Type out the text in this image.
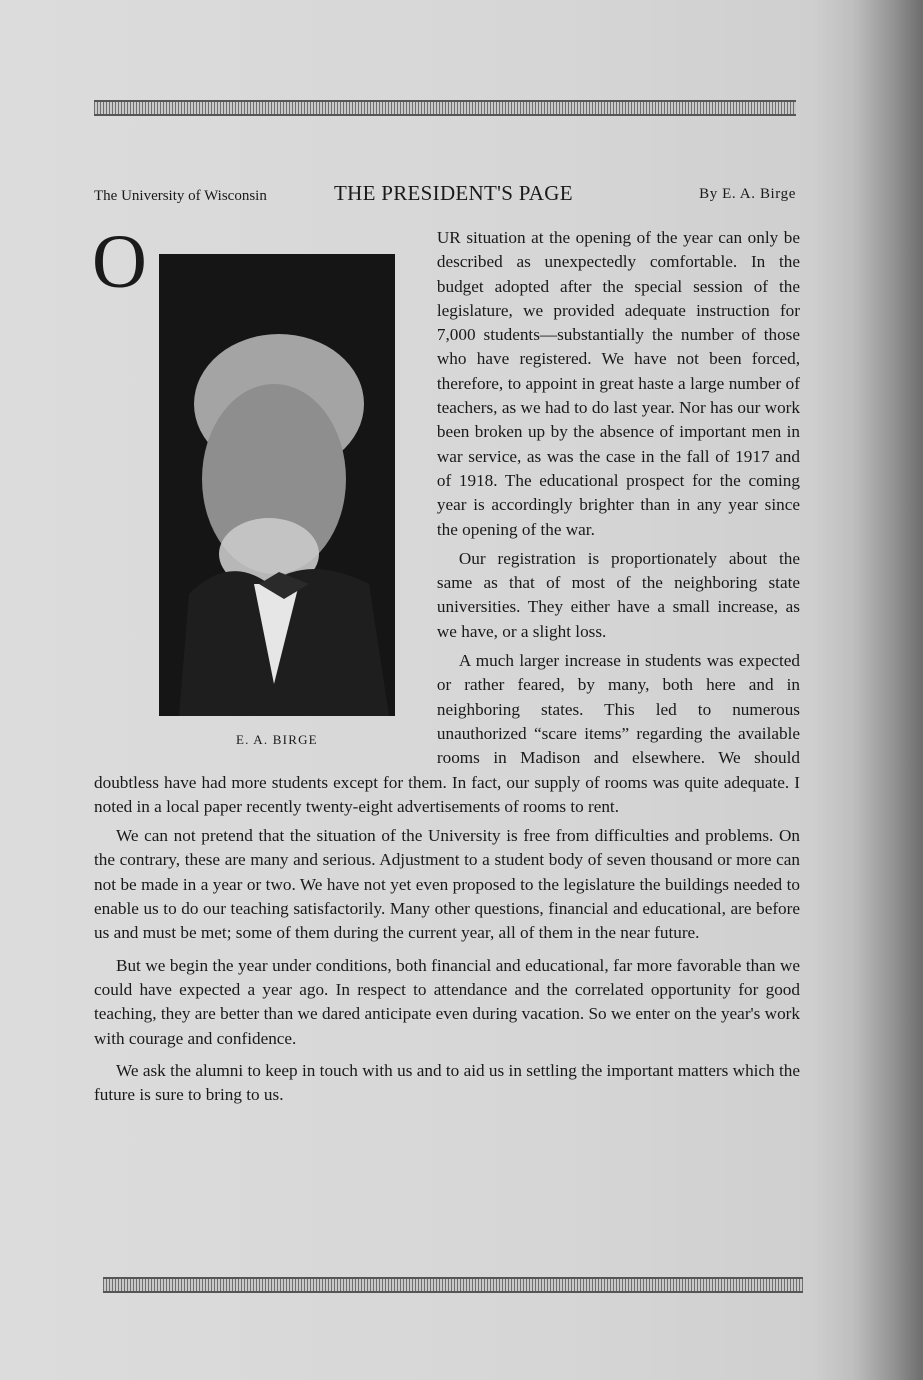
The University of Wisconsin	THE PRESIDENT'S PAGE	By E. A. Birge

O
E. A. BIRGE
UR situation at the opening of the year can only be described as unexpectedly comfortable. In the budget adopted after the special session of the legislature, we provided adequate instruction for 7,000 students—substantially the number of those who have registered. We have not been forced, therefore, to appoint in great haste a large number of teachers, as we had to do last year. Nor has our work been broken up by the absence of important men in war service, as was the case in the fall of 1917 and of 1918. The educational prospect for the coming year is accordingly brighter than in any year since the opening of the war.

Our registration is proportionately about the same as that of most of the neighboring state universities. They either have a small increase, as we have, or a slight loss.

A much larger increase in students was expected or rather feared, by many, both here and in neighboring states. This led to numerous unauthorized “scare items” regarding the available rooms in Madison and elsewhere. We should doubtless have had more students except for them. In fact, our supply of rooms was quite adequate. I noted in a local paper recently twenty-eight advertisements of rooms to rent.

We can not pretend that the situation of the University is free from difficulties and problems. On the contrary, these are many and serious. Adjustment to a student body of seven thousand or more can not be made in a year or two. We have not yet even proposed to the legislature the buildings needed to enable us to do our teaching satisfactorily. Many other questions, financial and educational, are before us and must be met; some of them during the current year, all of them in the near future.

But we begin the year under conditions, both financial and educational, far more favorable than we could have expected a year ago. In respect to attendance and the correlated opportunity for good teaching, they are better than we dared anticipate even during vacation. So we enter on the year's work with courage and confidence.

We ask the alumni to keep in touch with us and to aid us in settling the important matters which the future is sure to bring to us.
